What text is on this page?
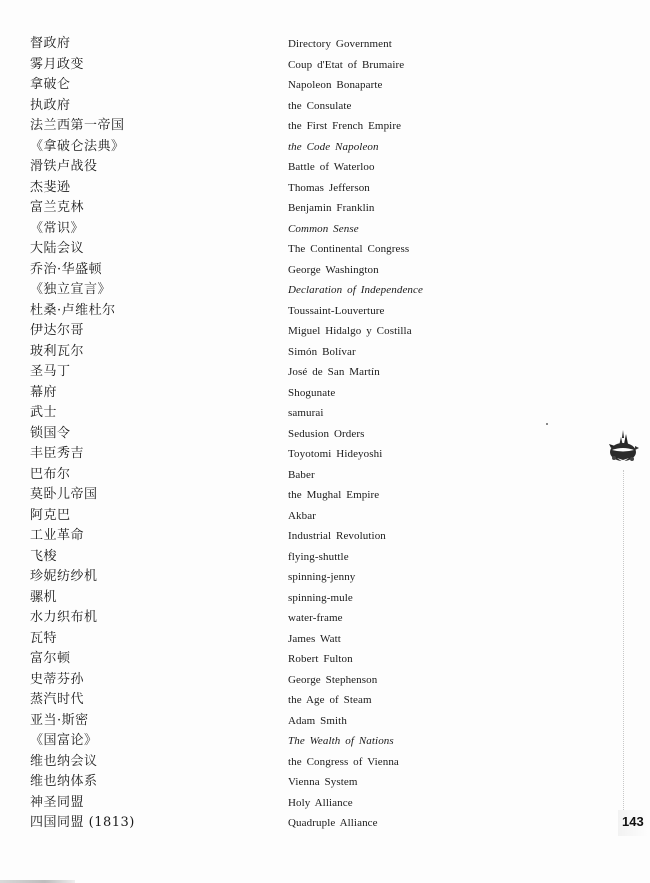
督政府	Directory Government
雾月政变	Coup d'Etat of Brumaire
拿破仑	Napoleon Bonaparte
执政府	the Consulate
法兰西第一帝国	the First French Empire
《拿破仑法典》	the Code Napoleon
滑铁卢战役	Battle of Waterloo
杰斐逊	Thomas Jefferson
富兰克林	Benjamin Franklin
《常识》	Common Sense
大陆会议	The Continental Congress
乔治·华盛顿	George Washington
《独立宣言》	Declaration of Independence
杜桑·卢维杜尔	Toussaint-Louverture
伊达尔哥	Miguel Hidalgo y Costilla
玻利瓦尔	Simón Bolívar
圣马丁	José de San Martín
幕府	Shogunate
武士	samurai
锁国令	Sedusion Orders
丰臣秀吉	Toyotomi Hideyoshi
巴布尔	Baber
莫卧儿帝国	the Mughal Empire
阿克巴	Akbar
工业革命	Industrial Revolution
飞梭	flying-shuttle
珍妮纺纱机	spinning-jenny
骡机	spinning-mule
水力织布机	water-frame
瓦特	James Watt
富尔顿	Robert Fulton
史蒂芬孙	George Stephenson
蒸汽时代	the Age of Steam
亚当·斯密	Adam Smith
《国富论》	The Wealth of Nations
维也纳会议	the Congress of Vienna
维也纳体系	Vienna System
神圣同盟	Holy Alliance
四国同盟 (1813)	Quadruple Alliance	143
